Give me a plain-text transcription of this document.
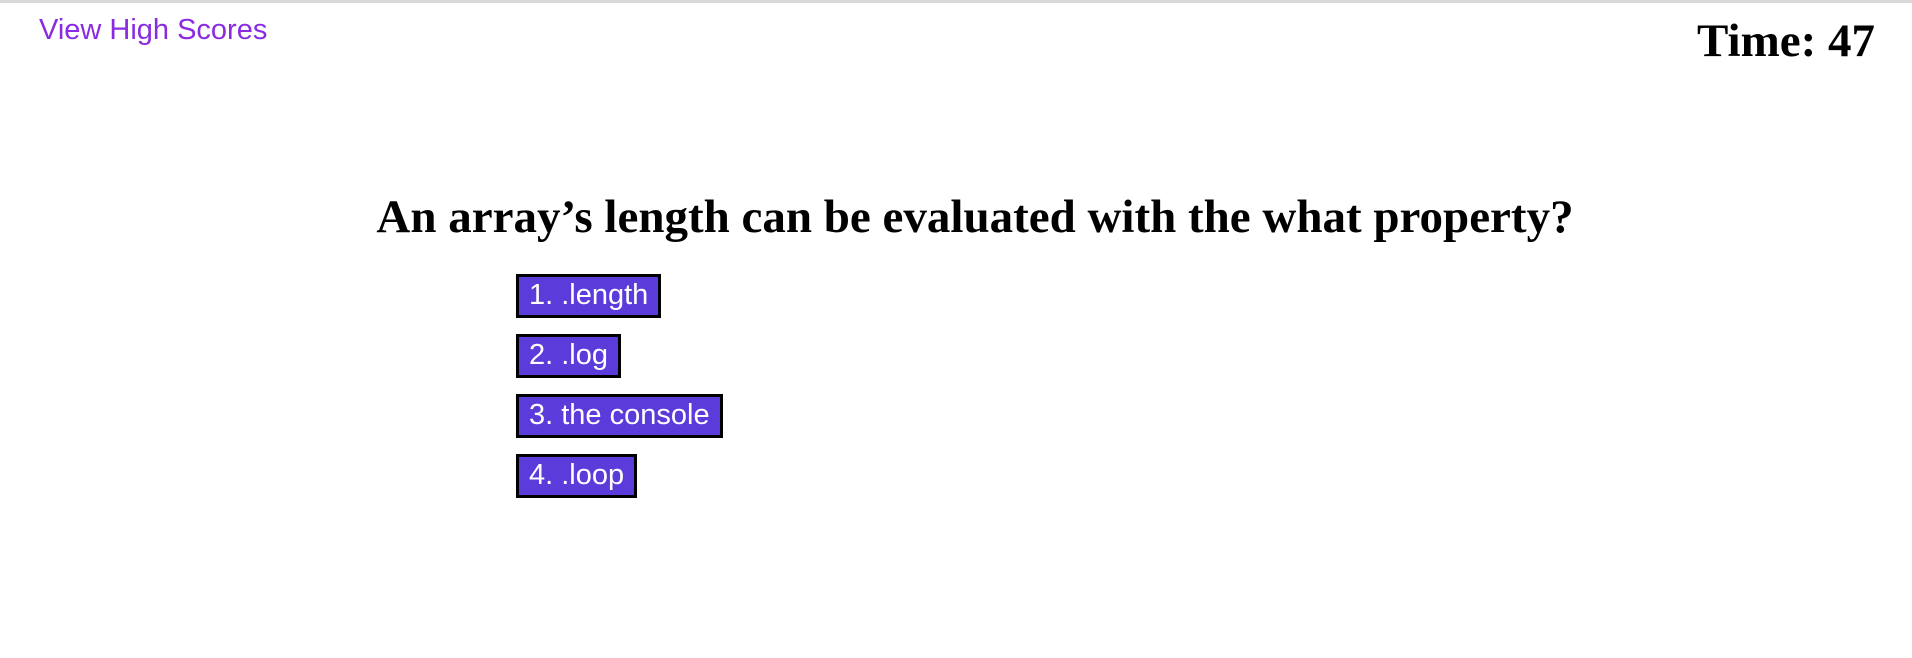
View High Scores	Time: 47
An array’s length can be evaluated with the what property?
1. .length
2. .log
3. the console
4. .loop
